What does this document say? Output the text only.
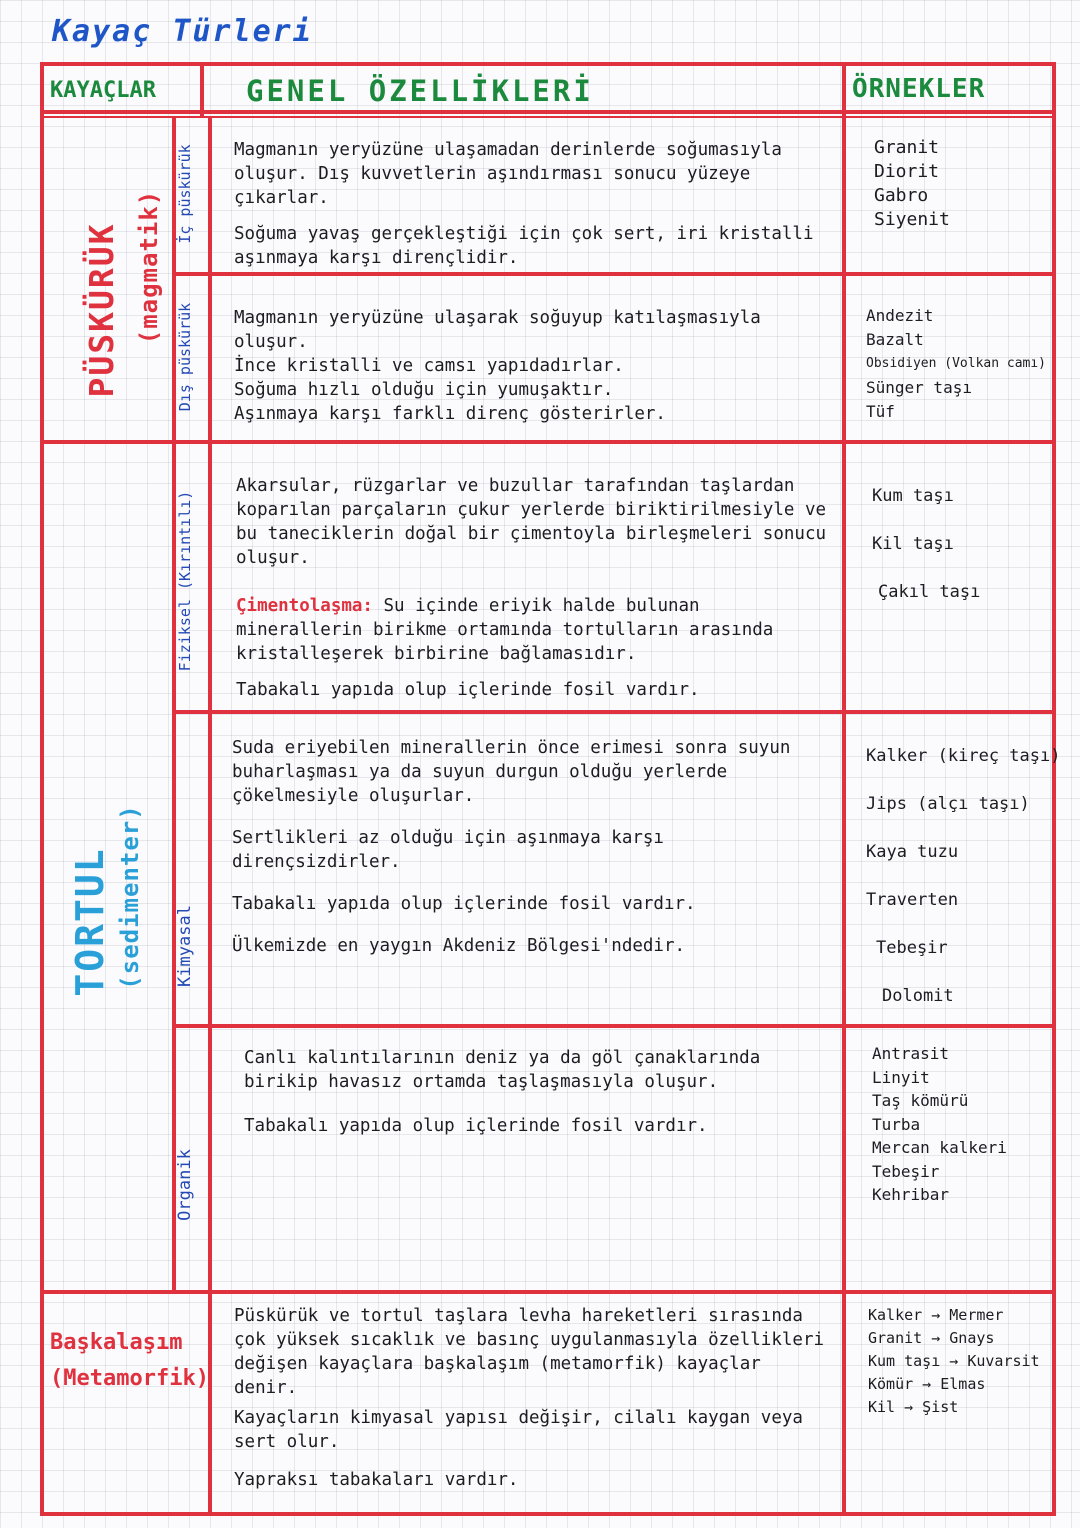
Kayaç Türleri
KAYAÇLAR	GENEL ÖZELLİKLERİ	ÖRNEKLER
PÜSKÜRÜK (magmatik)
TORTUL (sedimenter)
Başkalaşım
(Metamorfik)
İç püskürük
Dış püskürük
Fiziksel (Kırıntılı)
Kimyasal
Organik

Magmanın yeryüzüne ulaşamadan derinlerde soğumasıyla oluşur. Dış kuvvetlerin aşındırması sonucu yüzeye çıkarlar.

Soğuma yavaş gerçekleştiği için çok sert, iri kristalli aşınmaya karşı dirençlidir.

Magmanın yeryüzüne ulaşarak soğuyup katılaşmasıyla oluşur.

İnce kristalli ve camsı yapıdadırlar.

Soğuma hızlı olduğu için yumuşaktır.

Aşınmaya karşı farklı direnç gösterirler.

Akarsular, rüzgarlar ve buzullar tarafından taşlardan koparılan parçaların çukur yerlerde biriktirilmesiyle ve bu taneciklerin doğal bir çimentoyla birleşmeleri sonucu oluşur.

Çimentolaşma: Su içinde eriyik halde bulunan minerallerin birikme ortamında tortulların arasında kristalleşerek birbirine bağlamasıdır.

Tabakalı yapıda olup içlerinde fosil vardır.

Suda eriyebilen minerallerin önce erimesi sonra suyun buharlaşması ya da suyun durgun olduğu yerlerde çökelmesiyle oluşurlar.

Sertlikleri az olduğu için aşınmaya karşı dirençsizdirler.

Tabakalı yapıda olup içlerinde fosil vardır.

Ülkemizde en yaygın Akdeniz Bölgesi'ndedir.

Canlı kalıntılarının deniz ya da göl çanaklarında birikip havasız ortamda taşlaşmasıyla oluşur.

Tabakalı yapıda olup içlerinde fosil vardır.

Püskürük ve tortul taşlara levha hareketleri sırasında çok yüksek sıcaklık ve basınç uygulanmasıyla özellikleri değişen kayaçlara başkalaşım (metamorfik) kayaçlar denir.

Kayaçların kimyasal yapısı değişir, cilalı kaygan veya sert olur.

Yapraksı tabakaları vardır.

Granit
Diorit
Gabro
Siyenit
Andezit
Bazalt
Obsidiyen (Volkan camı)
Sünger taşı
Tüf
Kum taşı
Kil taşı
Çakıl taşı
Kalker (kireç taşı)
Jips (alçı taşı)
Kaya tuzu
Traverten
Tebeşir
Dolomit
Antrasit
Linyit
Taş kömürü
Turba
Mercan kalkeri
Tebeşir
Kehribar
Kalker → Mermer
Granit → Gnays
Kum taşı → Kuvarsit
Kömür → Elmas
Kil → Şist
